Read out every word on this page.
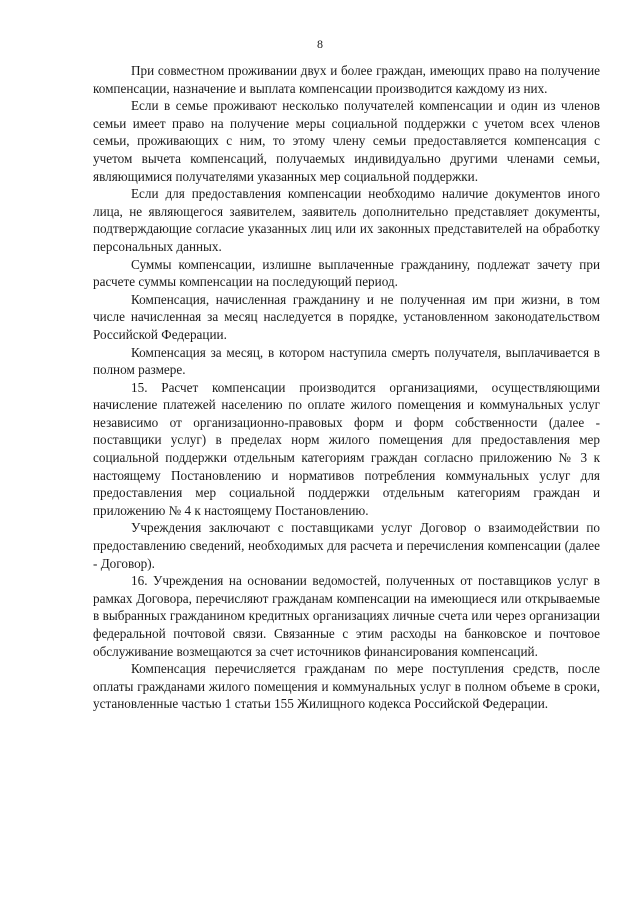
8

При совместном проживании двух и более граждан, имеющих право на получение компенсации, назначение и выплата компенсации производится каждому из них.

Если в семье проживают несколько получателей компенсации и один из членов семьи имеет право на получение меры социальной поддержки с учетом всех членов семьи, проживающих с ним, то этому члену семьи предоставляется компенсация с учетом вычета компенсаций, получаемых индивидуально другими членами семьи, являющимися получателями указанных мер социальной поддержки.

Если для предоставления компенсации необходимо наличие документов иного лица, не являющегося заявителем, заявитель дополнительно представляет документы, подтверждающие согласие указанных лиц или их законных представителей на обработку персональных данных.

Суммы компенсации, излишне выплаченные гражданину, подлежат зачету при расчете суммы компенсации на последующий период.

Компенсация, начисленная гражданину и не полученная им при жизни, в том числе начисленная за месяц наследуется в порядке, установленном законодательством Российской Федерации.

Компенсация за месяц, в котором наступила смерть получателя, выплачивается в полном размере.

15. Расчет компенсации производится организациями, осуществляющими начисление платежей населению по оплате жилого помещения и коммунальных услуг независимо от организационно-правовых форм и форм собственности (далее - поставщики услуг) в пределах норм жилого помещения для предоставления мер социальной поддержки отдельным категориям граждан согласно приложению № 3 к настоящему Постановлению и нормативов потребления коммунальных услуг для предоставления мер социальной поддержки отдельным категориям граждан и приложению № 4 к настоящему Постановлению.

Учреждения заключают с поставщиками услуг Договор о взаимодействии по предоставлению сведений, необходимых для расчета и перечисления компенсации (далее - Договор).

16. Учреждения на основании ведомостей, полученных от поставщиков услуг в рамках Договора, перечисляют гражданам компенсации на имеющиеся или открываемые в выбранных гражданином кредитных организациях личные счета или через организации федеральной почтовой связи. Связанные с этим расходы на банковское и почтовое обслуживание возмещаются за счет источников финансирования компенсаций.

Компенсация перечисляется гражданам по мере поступления средств, после оплаты гражданами жилого помещения и коммунальных услуг в полном объеме в сроки, установленные частью 1 статьи 155 Жилищного кодекса Российской Федерации.
